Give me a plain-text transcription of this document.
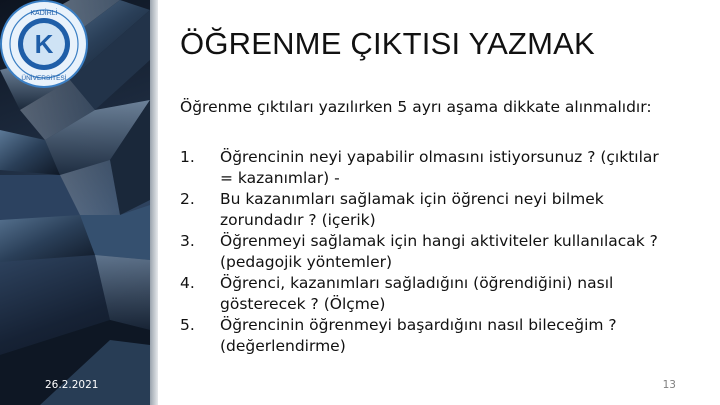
K
KADİRLİ
ÜNİVERSİTESİ
26.2.2021
ÖĞRENME ÇIKTISI YAZMAK
Öğrenme çıktıları yazılırken 5 ayrı aşama dikkate alınmalıdır:
1.	Öğrencinin neyi yapabilir olmasını istiyorsunuz ? (çıktılar = kazanımlar) -
2.	Bu kazanımları sağlamak için öğrenci neyi bilmek zorundadır ? (içerik)
3.	Öğrenmeyi sağlamak için hangi aktiviteler kullanılacak ? (pedagojik yöntemler)
4.	Öğrenci, kazanımları sağladığını (öğrendiğini) nasıl gösterecek ? (Ölçme)
5.	Öğrencinin öğrenmeyi başardığını nasıl bileceğim ? (değerlendirme)
13
